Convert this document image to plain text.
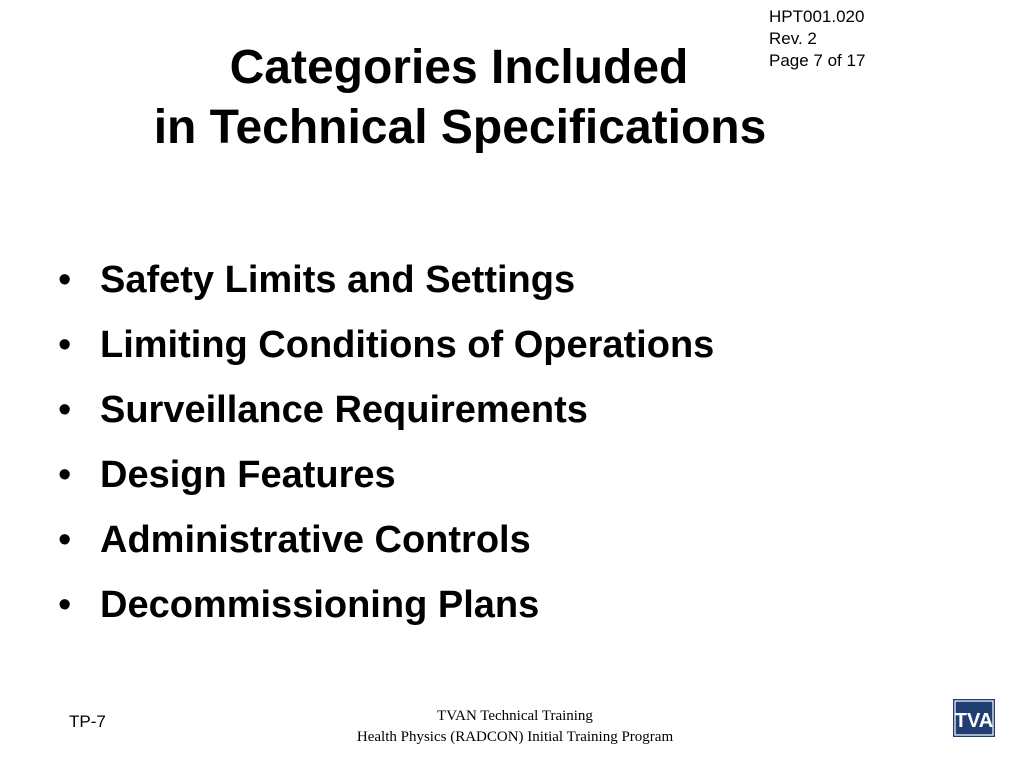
HPT001.020
Rev. 2
Page 7 of 17
Categories Included
in Technical Specifications
• Safety Limits and Settings
• Limiting Conditions of Operations
• Surveillance Requirements
• Design Features
• Administrative Controls
• Decommissioning Plans
TP-7	TVAN Technical Training
Health Physics (RADCON) Initial Training Program
TVA
